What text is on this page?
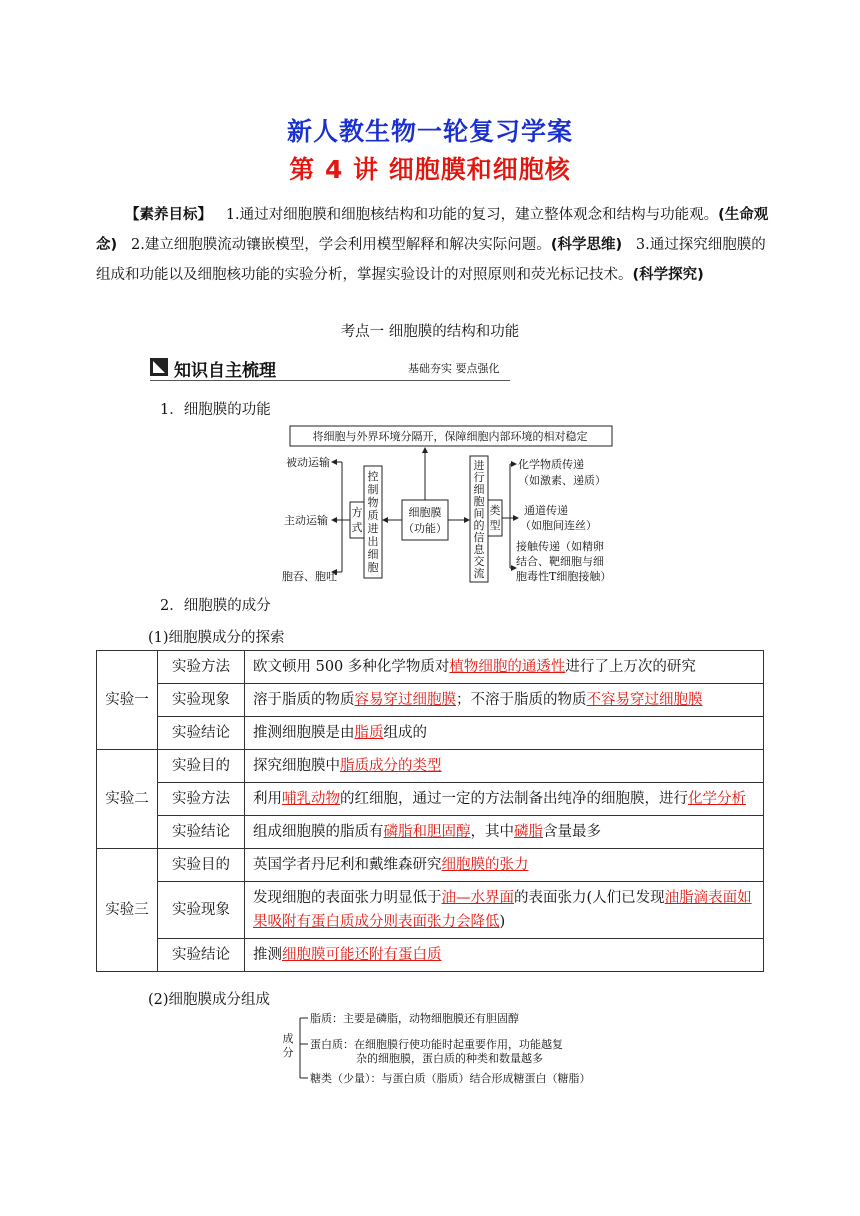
新人教生物一轮复习学案
第 4 讲 细胞膜和细胞核
【素养目标】 1.通过对细胞膜和细胞核结构和功能的复习，建立整体观念和结构与功能观。(生命观念) 2.建立细胞膜流动镶嵌模型，学会利用模型解释和解决实际问题。(科学思维) 3.通过探究细胞膜的组成和功能以及细胞核功能的实验分析，掌握实验设计的对照原则和荧光标记技术。(科学探究)
考点一 细胞膜的结构和功能
知识自主梳理	基础夯实 要点强化
1．细胞膜的功能
将细胞与外界环境分隔开，保障细胞内部环境的相对稳定
细胞膜
（功能）
控
制
物
质
进
出
细
胞
方
式
被动运输
主动运输
胞吞、胞吐
进
行
细
胞
间
的
信
息
交
流
类
型
化学物质传递
（如激素、递质）
通道传递
（如胞间连丝）
接触传递（如精卵
结合、靶细胞与细
胞毒性T细胞接触）
2．细胞膜的成分
(1)细胞膜成分的探索
实验一	实验方法	欧文顿用 500 多种化学物质对植物细胞的通透性进行了上万次的研究
	实验现象	溶于脂质的物质容易穿过细胞膜；不溶于脂质的物质不容易穿过细胞膜
	实验结论	推测细胞膜是由脂质组成的
实验二	实验目的	探究细胞膜中脂质成分的类型
	实验方法	利用哺乳动物的红细胞，通过一定的方法制备出纯净的细胞膜，进行化学分析
	实验结论	组成细胞膜的脂质有磷脂和胆固醇，其中磷脂含量最多
实验三	实验目的	英国学者丹尼利和戴维森研究细胞膜的张力
	实验现象	发现细胞的表面张力明显低于油—水界面的表面张力(人们已发现油脂滴表面如果吸附有蛋白质成分则表面张力会降低)
	实验结论	推测细胞膜可能还附有蛋白质
(2)细胞膜成分组成
成
分
脂质：主要是磷脂，动物细胞膜还有胆固醇
蛋白质：在细胞膜行使功能时起重要作用，功能越复
杂的细胞膜，蛋白质的种类和数量越多
糖类（少量）：与蛋白质（脂质）结合形成糖蛋白（糖脂）
